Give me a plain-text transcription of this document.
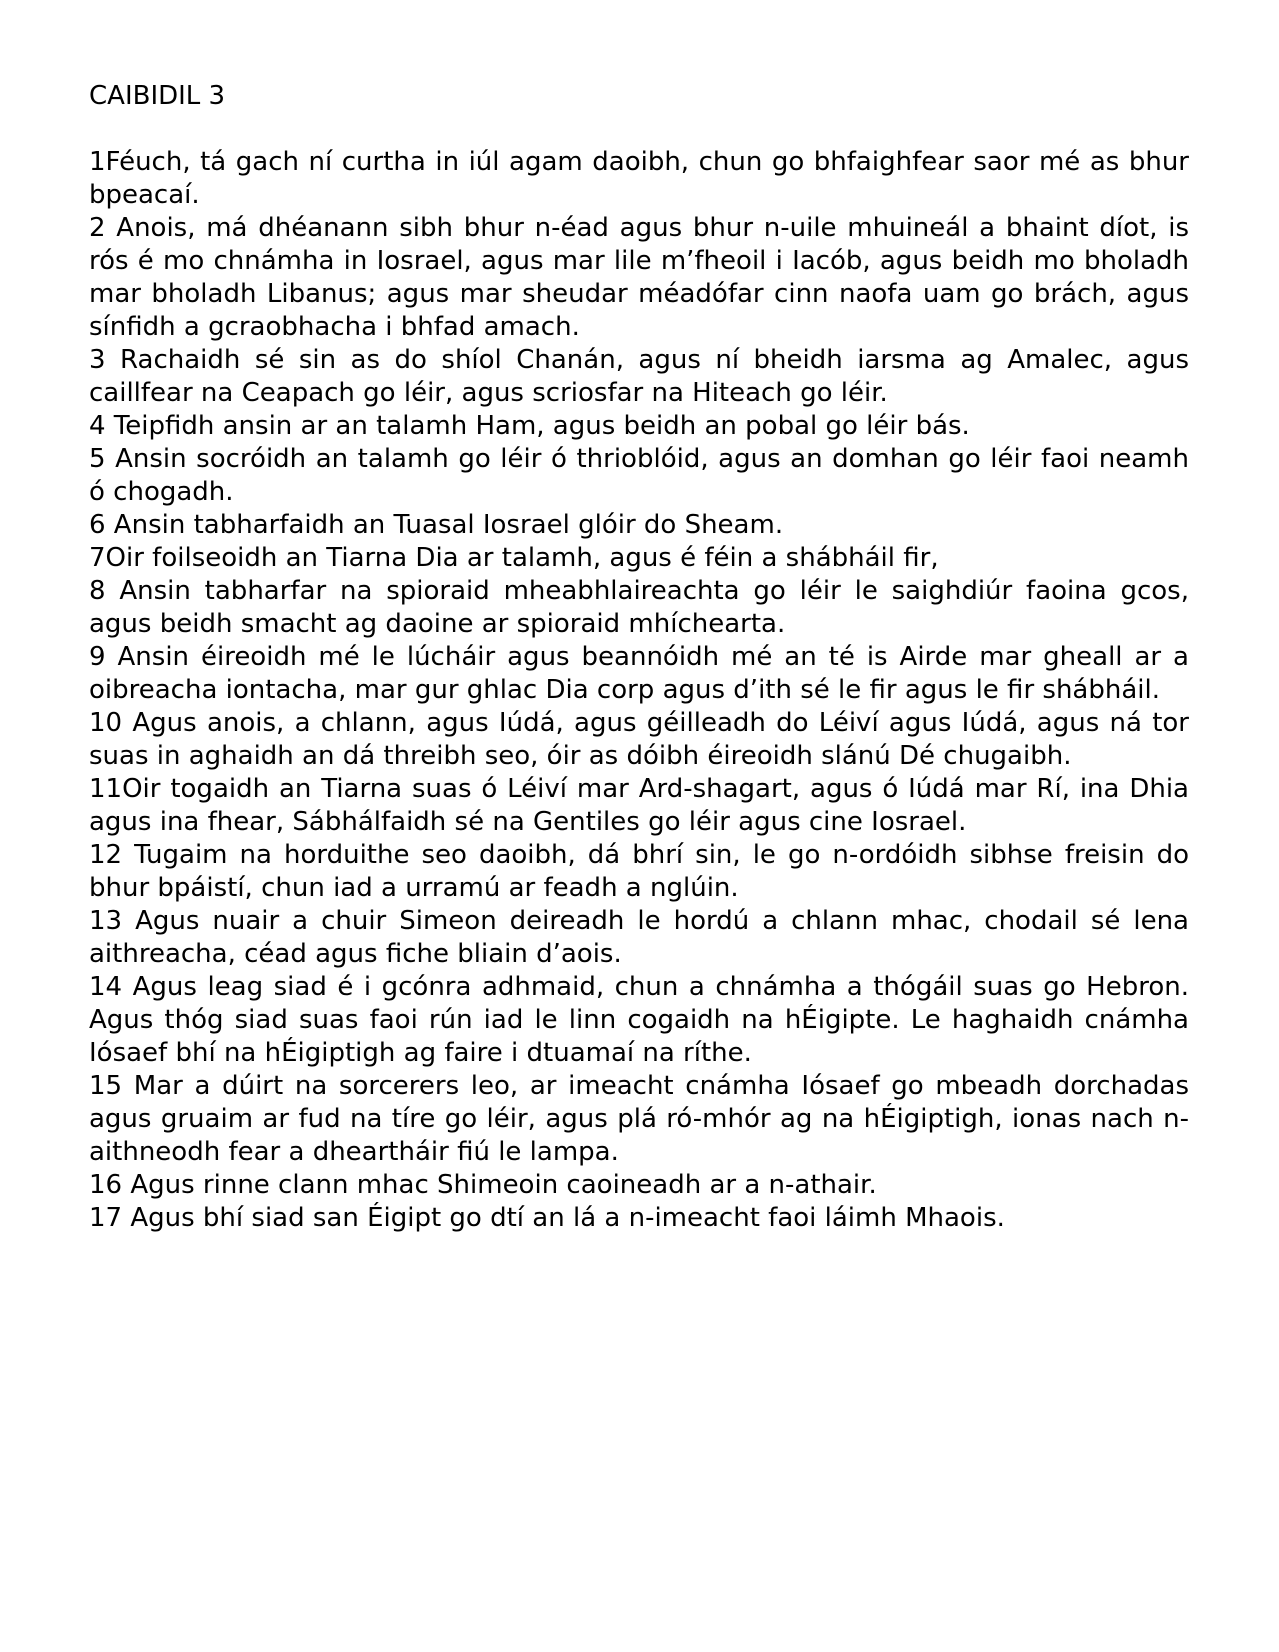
CAIBIDIL 3

1Féuch, tá gach ní curtha in iúl agam daoibh, chun go bhfaighfear saor mé as bhur bpeacaí.

2 Anois, má dhéanann sibh bhur n-éad agus bhur n-uile mhuineál a bhaint díot, is rós é mo chnámha in Iosrael, agus mar lile m’fheoil i Iacób, agus beidh mo bholadh mar bholadh Libanus; agus mar sheudar méadófar cinn naofa uam go brách, agus sínfidh a gcraobhacha i bhfad amach.

3 Rachaidh sé sin as do shíol Chanán, agus ní bheidh iarsma ag Amalec, agus caillfear na Ceapach go léir, agus scriosfar na Hiteach go léir.

4 Teipfidh ansin ar an talamh Ham, agus beidh an pobal go léir bás.

5 Ansin socróidh an talamh go léir ó thrioblóid, agus an domhan go léir faoi neamh ó chogadh.

6 Ansin tabharfaidh an Tuasal Iosrael glóir do Sheam.

7Oir foilseoidh an Tiarna Dia ar talamh, agus é féin a shábháil fir,

8 Ansin tabharfar na spioraid mheabhlaireachta go léir le saighdiúr faoina gcos, agus beidh smacht ag daoine ar spioraid mhíchearta.

9 Ansin éireoidh mé le lúcháir agus beannóidh mé an té is Airde mar gheall ar a oibreacha iontacha, mar gur ghlac Dia corp agus d’ith sé le fir agus le fir shábháil.

10 Agus anois, a chlann, agus Iúdá, agus géilleadh do Léiví agus Iúdá, agus ná tor suas in aghaidh an dá threibh seo, óir as dóibh éireoidh slánú Dé chugaibh.

11Oir togaidh an Tiarna suas ó Léiví mar Ard-shagart, agus ó Iúdá mar Rí, ina Dhia agus ina fhear, Sábhálfaidh sé na Gentiles go léir agus cine Iosrael.

12 Tugaim na horduithe seo daoibh, dá bhrí sin, le go n-ordóidh sibhse freisin do bhur bpáistí, chun iad a urramú ar feadh a nglúin.

13 Agus nuair a chuir Simeon deireadh le hordú a chlann mhac, chodail sé lena aithreacha, céad agus fiche bliain d’aois.

14 Agus leag siad é i gcónra adhmaid, chun a chnámha a thógáil suas go Hebron. Agus thóg siad suas faoi rún iad le linn cogaidh na hÉigipte. Le haghaidh cnámha Iósaef bhí na hÉigiptigh ag faire i dtuamaí na ríthe.

15 Mar a dúirt na sorcerers leo, ar imeacht cnámha Iósaef go mbeadh dorchadas agus gruaim ar fud na tíre go léir, agus plá ró-mhór ag na hÉigiptigh, ionas nach n-aithneodh fear a dheartháir fiú le lampa.

16 Agus rinne clann mhac Shimeoin caoineadh ar a n-athair.

17 Agus bhí siad san Éigipt go dtí an lá a n-imeacht faoi láimh Mhaois.
